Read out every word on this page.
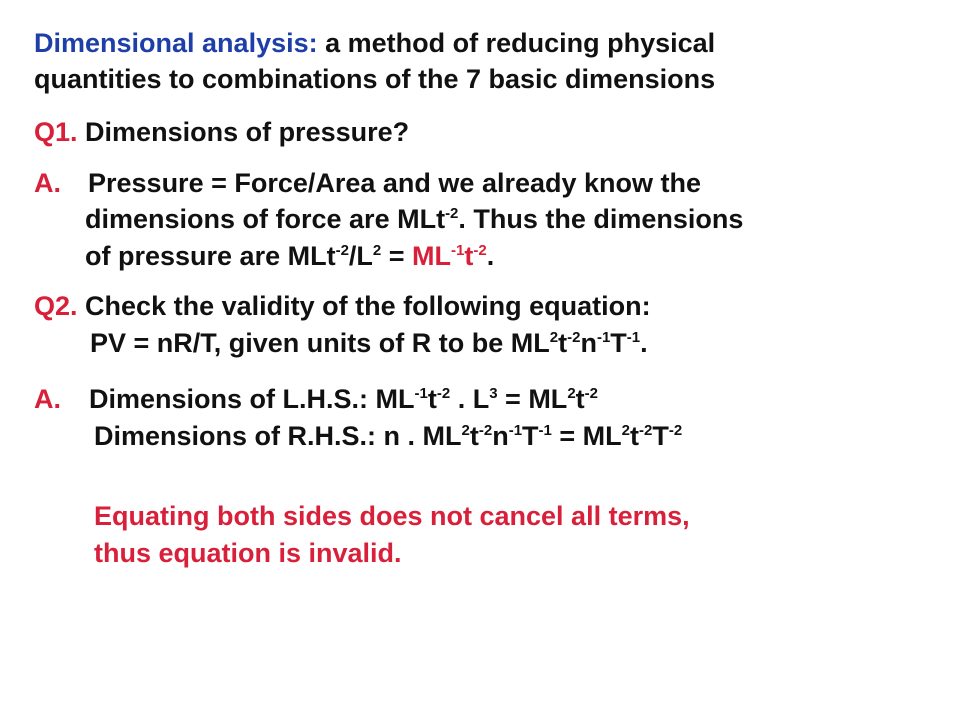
Dimensional analysis: a method of reducing physical
quantities to combinations of the 7 basic dimensions
Q1. Dimensions of pressure?
A. Pressure = Force/Area and we already know the
dimensions of force are MLt$^{-2}$. Thus the dimensions
of pressure are $MLt^{-2}/L^2 = ML^{-1}t^{-2}$.
Q2. Check the validity of the following equation:
PV = nR/T, given units of R to be $ML^2t^{-2}n^{-1}T^{-1}$.
A. Dimensions of L.H.S.: $ML^{-1}t^{-2}$ . $L^3 = ML^2t^{-2}$
Dimensions of R.H.S.: n . $ML^2t^{-2}n^{-1}T^{-1} = ML^2t^{-2}T^{-2}$
Equating both sides does not cancel all terms,
thus equation is invalid.
